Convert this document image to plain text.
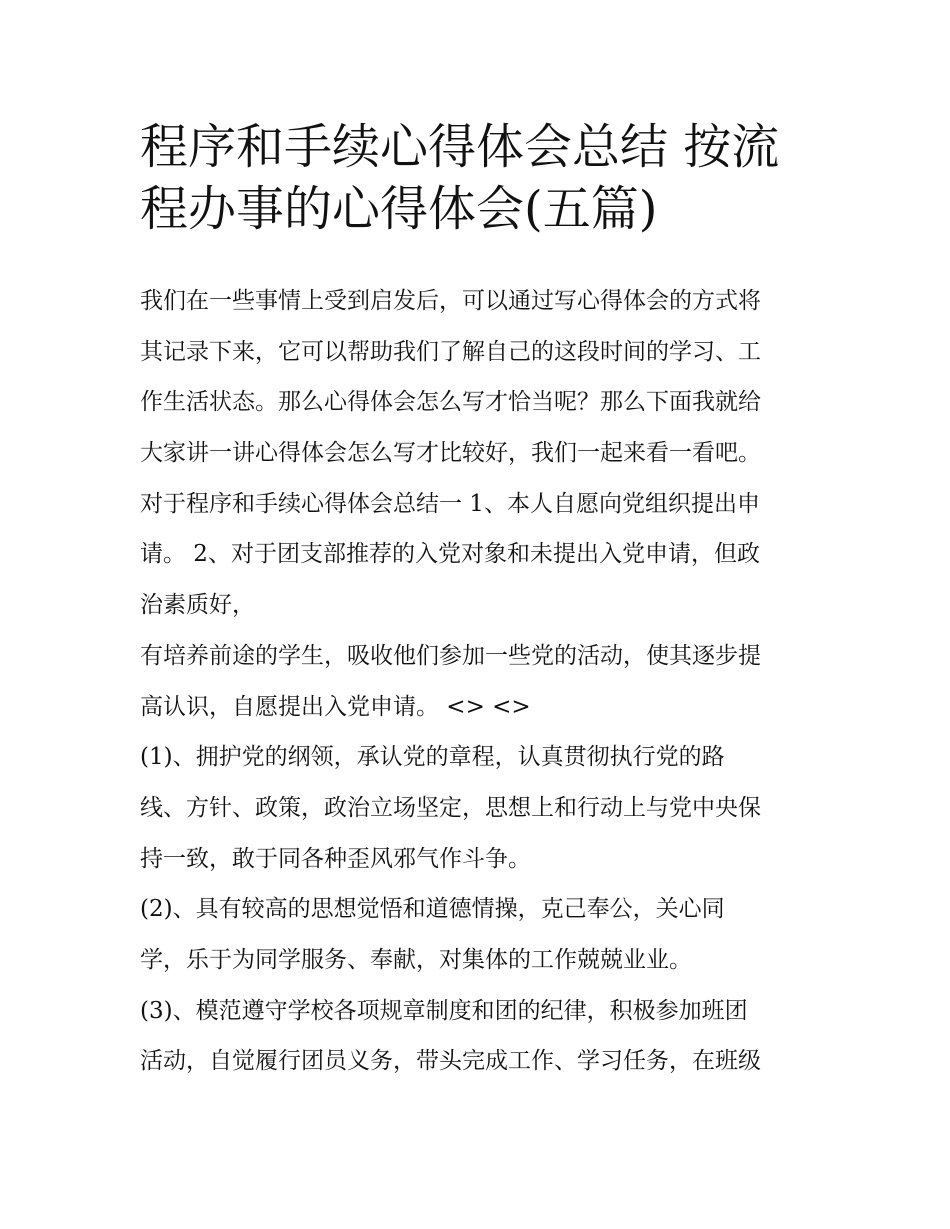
程序和手续心得体会总结 按流
程办事的心得体会(五篇)
我们在一些事情上受到启发后，可以通过写心得体会的方式将
其记录下来，它可以帮助我们了解自己的这段时间的学习、工
作生活状态。那么心得体会怎么写才恰当呢？那么下面我就给
大家讲一讲心得体会怎么写才比较好，我们一起来看一看吧。
对于程序和手续心得体会总结一 1、本人自愿向党组织提出申
请。 2、对于团支部推荐的入党对象和未提出入党申请，但政
治素质好，
有培养前途的学生，吸收他们参加一些党的活动，使其逐步提
高认识，自愿提出入党申请。 <> <>
(1)、拥护党的纲领，承认党的章程，认真贯彻执行党的路
线、方针、政策，政治立场坚定，思想上和行动上与党中央保
持一致，敢于同各种歪风邪气作斗争。
(2)、具有较高的思想觉悟和道德情操，克己奉公，关心同
学，乐于为同学服务、奉献，对集体的工作兢兢业业。
(3)、模范遵守学校各项规章制度和团的纪律，积极参加班团
活动，自觉履行团员义务，带头完成工作、学习任务，在班级
